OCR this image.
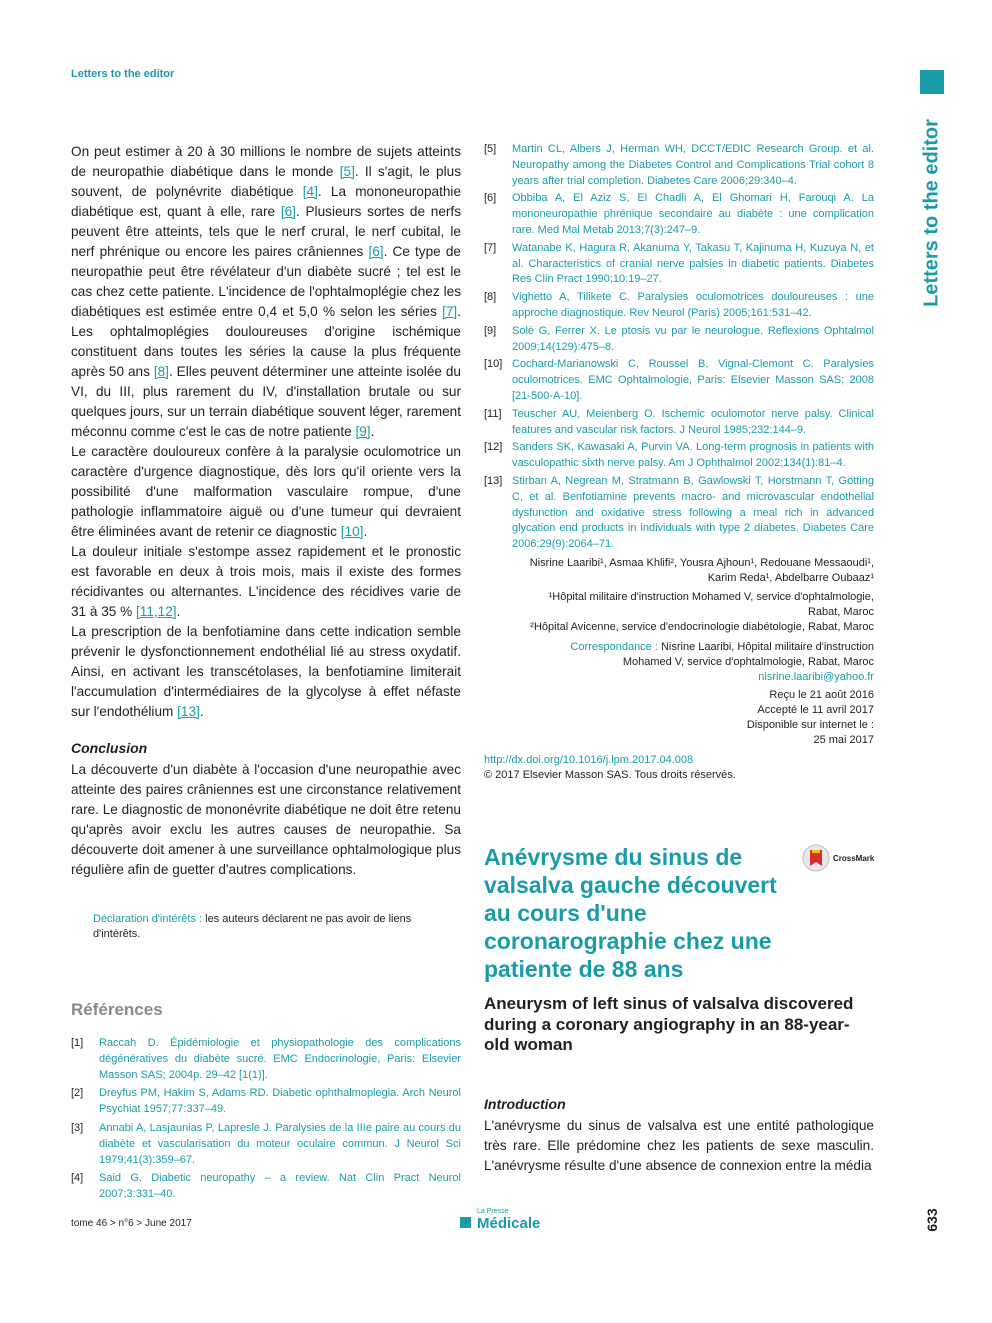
Letters to the editor
Letters to the editor
633

On peut estimer à 20 à 30 millions le nombre de sujets atteints de neuropathie diabétique dans le monde [5]. Il s'agit, le plus souvent, de polynévrite diabétique [4]. La mononeuropathie diabétique est, quant à elle, rare [6]. Plusieurs sortes de nerfs peuvent être atteints, tels que le nerf crural, le nerf cubital, le nerf phrénique ou encore les paires crâniennes [6]. Ce type de neuropathie peut être révélateur d'un diabète sucré ; tel est le cas chez cette patiente. L'incidence de l'ophtalmoplégie chez les diabétiques est estimée entre 0,4 et 5,0 % selon les séries [7]. Les ophtalmoplégies douloureuses d'origine ischémique constituent dans toutes les séries la cause la plus fréquente après 50 ans [8]. Elles peuvent déterminer une atteinte isolée du VI, du III, plus rarement du IV, d'installation brutale ou sur quelques jours, sur un terrain diabétique souvent léger, rarement méconnu comme c'est le cas de notre patiente [9].

Le caractère douloureux confère à la paralysie oculomotrice un caractère d'urgence diagnostique, dès lors qu'il oriente vers la possibilité d'une malformation vasculaire rompue, d'une pathologie inflammatoire aiguë ou d'une tumeur qui devraient être éliminées avant de retenir ce diagnostic [10].

La douleur initiale s'estompe assez rapidement et le pronostic est favorable en deux à trois mois, mais il existe des formes récidivantes ou alternantes. L'incidence des récidives varie de 31 à 35 % [11,12].

La prescription de la benfotiamine dans cette indication semble prévenir le dysfonctionnement endothélial lié au stress oxydatif. Ainsi, en activant les transcétolases, la benfotiamine limiterait l'accumulation d'intermédiaires de la glycolyse à effet néfaste sur l'endothélium [13].

Conclusion

La découverte d'un diabète à l'occasion d'une neuropathie avec atteinte des paires crâniennes est une circonstance relativement rare. Le diagnostic de mononévrite diabétique ne doit être retenu qu'après avoir exclu les autres causes de neuropathie. Sa découverte doit amener à une surveillance ophtalmologique plus régulière afin de guetter d'autres complications.

Déclaration d'intérêts : les auteurs déclarent ne pas avoir de liens d'intérêts.
Références
[1]	Raccah D. Épidémiologie et physiopathologie des complications dégénératives du diabète sucré. EMC Endocrinologie, Paris: Elsevier Masson SAS; 2004p. 29–42 [1(1)].
[2]	Dreyfus PM, Hakim S, Adams RD. Diabetic ophthalmoplegia. Arch Neurol Psychiat 1957;77:337–49.
[3]	Annabi A, Lasjaunias P, Lapresle J. Paralysies de la IIIe paire au cours du diabète et vascularisation du moteur oculaire commun. J Neurol Sci 1979;41(3):359–67.
[4]	Said G. Diabetic neuropathy – a review. Nat Clin Pract Neurol 2007;3:331–40.
[5]	Martin CL, Albers J, Herman WH, DCCT/EDIC Research Group. et al. Neuropathy among the Diabetes Control and Complications Trial cohort 8 years after trial completion. Diabetes Care 2006;29:340–4.
[6]	Obbiba A, El Aziz S, El Chadli A, El Ghomari H, Farouqi A. La mononeuropathie phrénique secondaire au diabète : une complication rare. Med Mal Metab 2013;7(3):247–9.
[7]	Watanabe K, Hagura R, Akanuma Y, Takasu T, Kajinuma H, Kuzuya N, et al. Characteristics of cranial nerve palsies in diabetic patients. Diabetes Res Clin Pract 1990;10:19–27.
[8]	Vighetto A, Tilikete C. Paralysies oculomotrices douloureuses : une approche diagnostique. Rev Neurol (Paris) 2005;161:531–42.
[9]	Solé G, Ferrer X. Le ptosis vu par le neurologue. Reflexions Ophtalmol 2009;14(129):475–8.
[10] Cochard-Marianowski C, Roussel B, Vignal-Clemont C. Paralysies oculomotrices. EMC Ophtalmologie, Paris: Elsevier Masson SAS; 2008 [21-500-A-10].
[11] Teuscher AU, Meienberg O. Ischemic oculomotor nerve palsy. Clinical features and vascular risk factors. J Neurol 1985;232:144–9.
[12] Sanders SK, Kawasaki A, Purvin VA. Long-term prognosis in patients with vasculopathic sixth nerve palsy. Am J Ophthalmol 2002;134(1):81–4.
[13] Stirban A, Negrean M, Stratmann B, Gawlowski T, Horstmann T, Götting C, et al. Benfotiamine prevents macro- and microvascular endothelial dysfunction and oxidative stress following a meal rich in advanced glycation end products in individuals with type 2 diabetes. Diabetes Care 2006;29(9):2064–71.
Nisrine Laaribi¹, Asmaa Khlifi², Yousra Ajhoun¹, Redouane Messaoudi¹,
Karim Reda¹, Abdelbarre Oubaaz¹
¹Hôpital militaire d'instruction Mohamed V, service d'ophtalmologie,
Rabat, Maroc
²Hôpital Avicenne, service d'endocrinologie diabétologie, Rabat, Maroc
Correspondance : Nisrine Laaribi, Hôpital militaire d'instruction
Mohamed V, service d'ophtalmologie, Rabat, Maroc
nisrine.laaribi@yahoo.fr
Reçu le 21 août 2016
Accepté le 11 avril 2017
Disponible sur internet le :
25 mai 2017
http://dx.doi.org/10.1016/j.lpm.2017.04.008
© 2017 Elsevier Masson SAS. Tous droits réservés.
Anévrysme du sinus de valsalva gauche découvert au cours d'une coronarographie chez une patiente de 88 ans
CrossMark
Aneurysm of left sinus of valsalva discovered during a coronary angiography in an 88-year-old woman
Introduction

L'anévrysme du sinus de valsalva est une entité pathologique très rare. Elle prédomine chez les patients de sexe masculin. L'anévrysme résulte d'une absence de connexion entre la média

tome 46 > n°6 > June 2017
La Presse
Médicale
